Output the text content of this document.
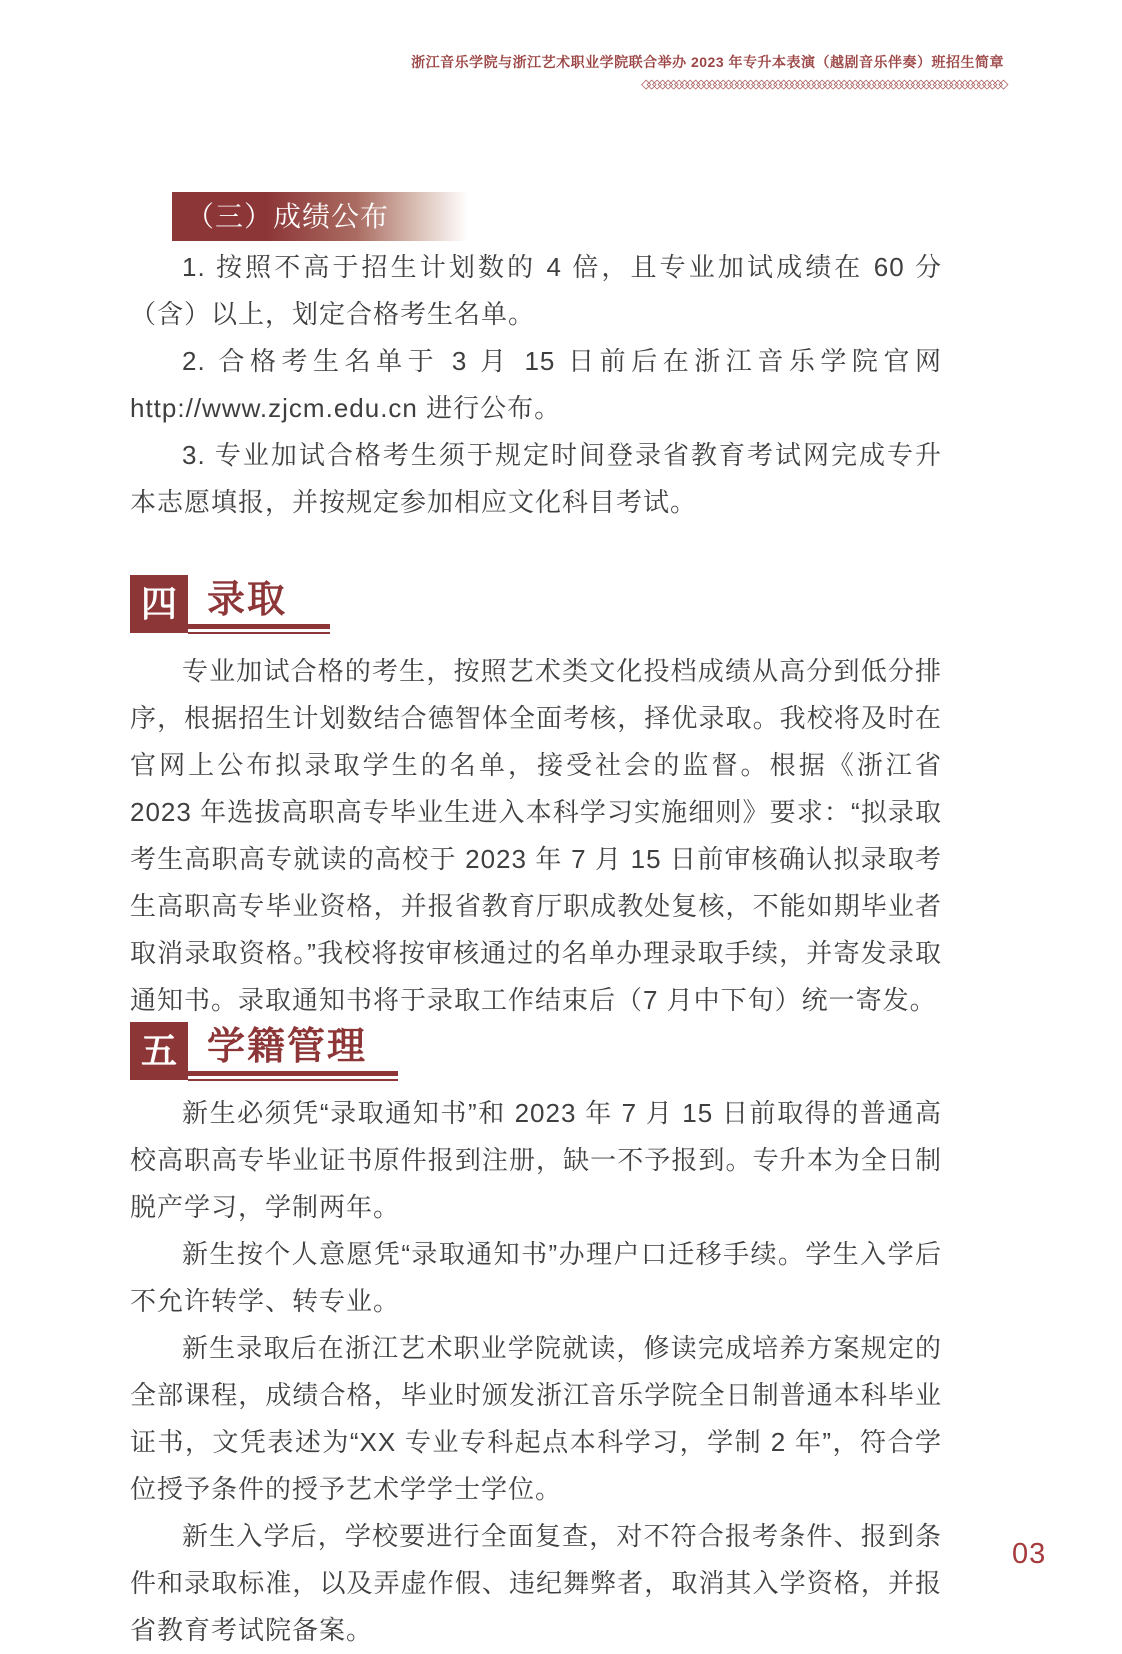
浙江音乐学院与浙江艺术职业学院联合举办 2023 年专升本表演（越剧音乐伴奏）班招生简章
◇◇◇◇◇◇◇◇◇◇◇◇◇◇◇◇◇◇◇◇◇◇◇◇◇◇◇◇◇◇◇◇◇◇◇◇◇◇◇◇◇◇◇◇◇◇◇◇◇◇◇◇◇◇◇◇◇◇◇◇◇◇◇◇◇◇
（三）成绩公布

1. 按照不高于招生计划数的 4 倍，且专业加试成绩在 60 分（含）以上，划定合格考生名单。

2. 合格考生名单于 3 月 15 日前后在浙江音乐学院官网 http://www.zjcm.edu.cn 进行公布。

3. 专业加试合格考生须于规定时间登录省教育考试网完成专升本志愿填报，并按规定参加相应文化科目考试。

四 录取

专业加试合格的考生，按照艺术类文化投档成绩从高分到低分排序，根据招生计划数结合德智体全面考核，择优录取。我校将及时在官网上公布拟录取学生的名单，接受社会的监督。根据《浙江省 2023 年选拔高职高专毕业生进入本科学习实施细则》要求：“拟录取考生高职高专就读的高校于 2023 年 7 月 15 日前审核确认拟录取考生高职高专毕业资格，并报省教育厅职成教处复核，不能如期毕业者取消录取资格。”我校将按审核通过的名单办理录取手续，并寄发录取通知书。录取通知书将于录取工作结束后（7 月中下旬）统一寄发。

五 学籍管理

新生必须凭“录取通知书”和 2023 年 7 月 15 日前取得的普通高校高职高专毕业证书原件报到注册，缺一不予报到。专升本为全日制脱产学习，学制两年。

新生按个人意愿凭“录取通知书”办理户口迁移手续。学生入学后不允许转学、转专业。

新生录取后在浙江艺术职业学院就读，修读完成培养方案规定的全部课程，成绩合格，毕业时颁发浙江音乐学院全日制普通本科毕业证书，文凭表述为“XX 专业专科起点本科学习，学制 2 年”，符合学位授予条件的授予艺术学学士学位。

新生入学后，学校要进行全面复查，对不符合报考条件、报到条件和录取标准，以及弄虚作假、违纪舞弊者，取消其入学资格，并报省教育考试院备案。

03
